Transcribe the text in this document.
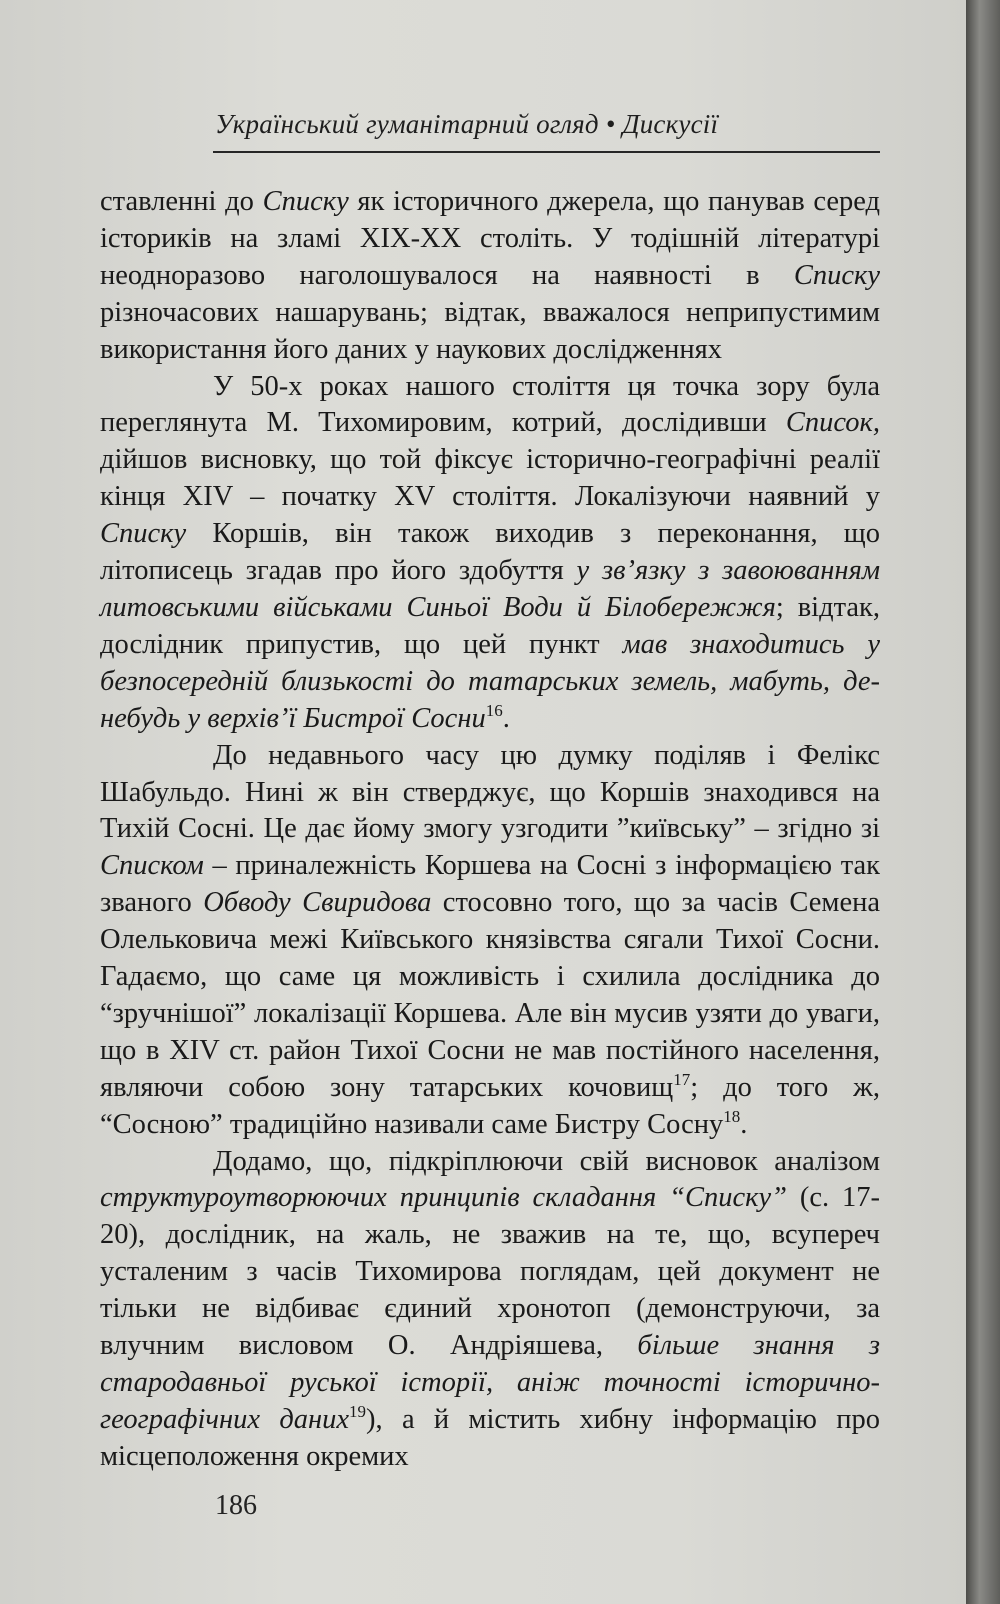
Український гуманітарний огляд • Дискусії

ставленні до Списку як історичного джерела, що панував серед істориків на зламі XIX-XX століть. У тодішній літературі неодноразово наголошувалося на наявності в Списку різночасових нашарувань; відтак, вважалося неприпустимим використання його даних у наукових дослідженнях

У 50-х роках нашого століття ця точка зору була переглянута М. Тихомировим, котрий, дослідивши Список, дійшов висновку, що той фіксує історично-географічні реалії кінця XIV – початку XV століття. Локалізуючи наявний у Списку Коршів, він також виходив з переконання, що літописець згадав про його здобуття у зв’язку з завоюванням литовськими військами Синьої Води й Білобережжя; відтак, дослідник припустив, що цей пункт мав знаходитись у безпосередній близькості до татарських земель, мабуть, де-небудь у верхів’ї Бистрої Сосни$^{16}$.

До недавнього часу цю думку поділяв і Фелікс Шабульдо. Нині ж він стверджує, що Коршів знаходився на Тихій Сосні. Це дає йому змогу узгодити ”київську” – згідно зі Списком – приналежність Коршева на Сосні з інформацією так званого Обводу Свиридова стосовно того, що за часів Семена Олельковича межі Київського князівства сягали Тихої Сосни. Гадаємо, що саме ця можливість і схилила дослідника до “зручнішої” локалізації Коршева. Але він мусив узяти до уваги, що в XIV ст. район Тихої Сосни не мав постійного населення, являючи собою зону татарських кочовищ$^{17}$; до того ж, “Сосною” традиційно називали саме Бистру Сосну$^{18}$.

Додамо, що, підкріплюючи свій висновок аналізом структуроутворюючих принципів складання “Списку” (с. 17-20), дослідник, на жаль, не зважив на те, що, всупереч усталеним з часів Тихомирова поглядам, цей документ не тільки не відбиває єдиний хронотоп (демонструючи, за влучним висловом О. Андріяшева, більше знання з стародавньої руської історії, аніж точності історично-географічних даних$^{19}$), а й містить хибну інформацію про місцеположення окремих

186
